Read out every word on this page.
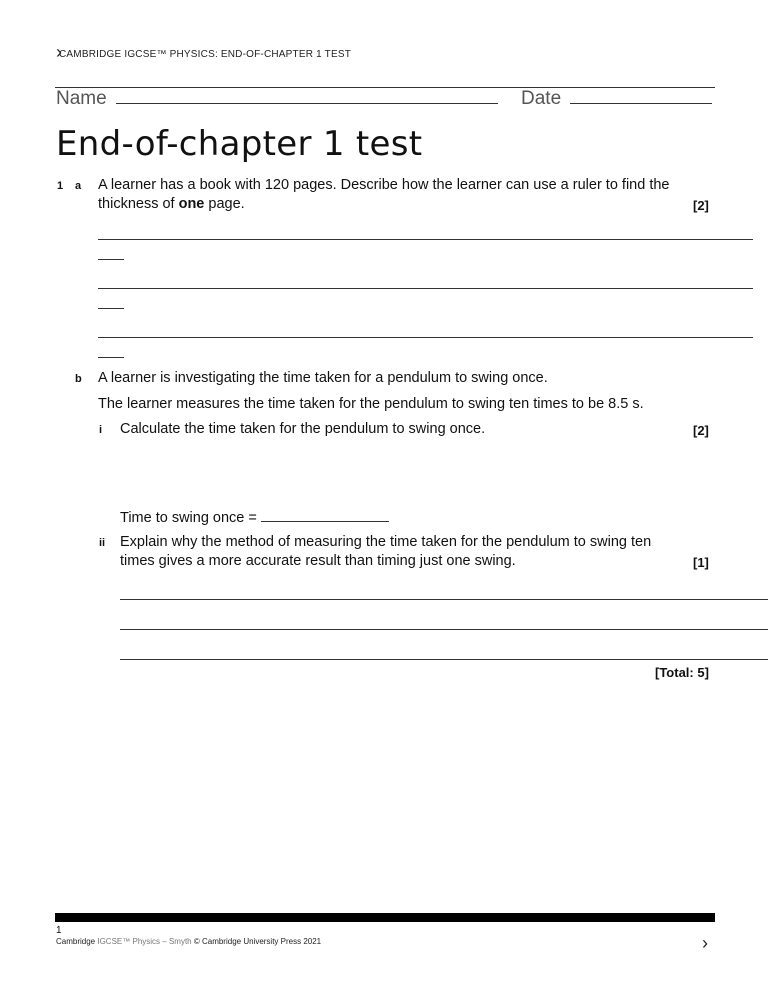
›
CAMBRIDGE IGCSE™ PHYSICS: END-OF-CHAPTER 1 TEST
Name	Date
End-of-chapter 1 test
1 a A learner has a book with 120 pages. Describe how the learner can use a ruler to find the
thickness of one page.	[2]
b A learner is investigating the time taken for a pendulum to swing once.
The learner measures the time taken for the pendulum to swing ten times to be 8.5 s.
i Calculate the time taken for the pendulum to swing once.	[2]
Time to swing once =
ii Explain why the method of measuring the time taken for the pendulum to swing ten
times gives a more accurate result than timing just one swing.	[1]
[Total: 5]
1
Cambridge IGCSE™ Physics – Smyth © Cambridge University Press 2021	›
